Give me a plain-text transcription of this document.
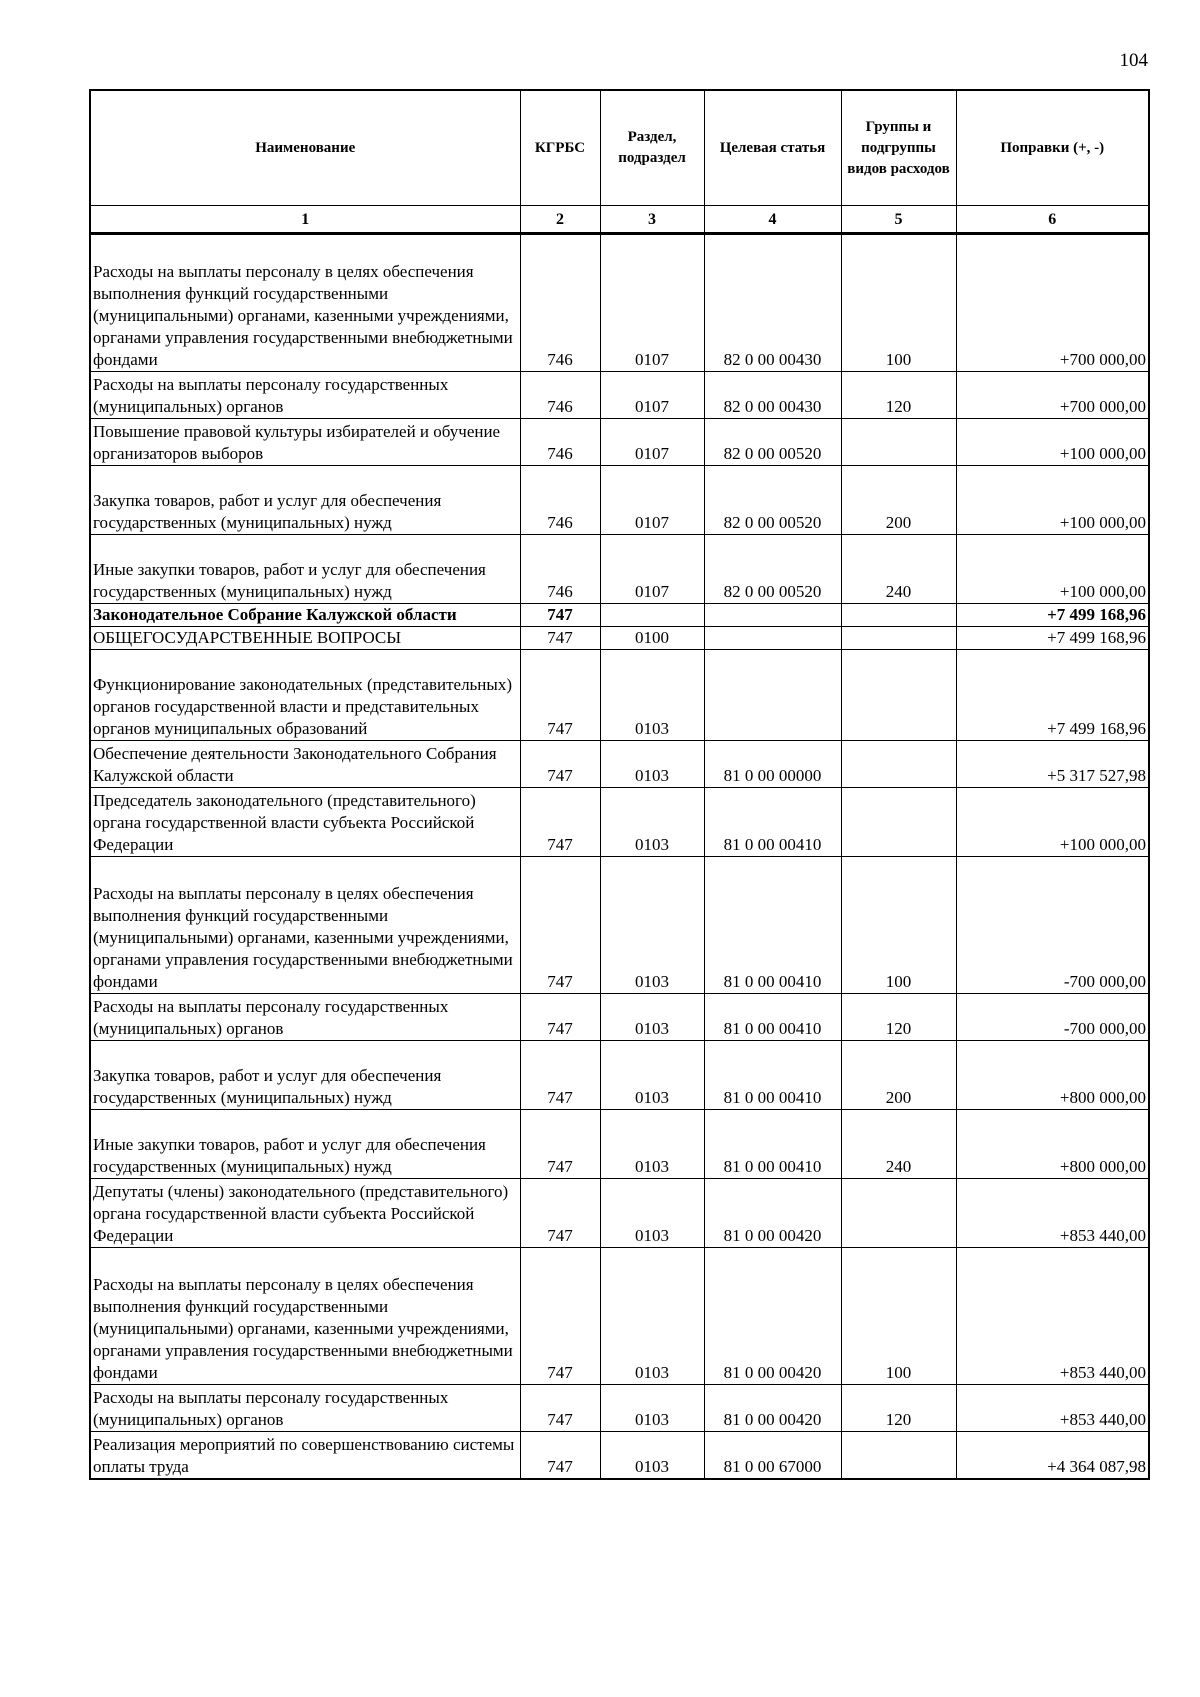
104
Наименование	КГРБС	Раздел, подраздел	Целевая статья	Группы и подгруппы видов расходов	Поправки (+, -)
1	2	3	4	5	6
Расходы на выплаты персоналу в целях обеспечения выполнения функций государственными (муниципальными) органами, казенными учреждениями, органами управления государственными внебюджетными фондами	746	0107	82 0 00 00430	100	+700 000,00
Расходы на выплаты персоналу государственных (муниципальных) органов	746	0107	82 0 00 00430	120	+700 000,00
Повышение правовой культуры избирателей и обучение организаторов выборов	746	0107	82 0 00 00520		+100 000,00
Закупка товаров, работ и услуг для обеспечения государственных (муниципальных) нужд	746	0107	82 0 00 00520	200	+100 000,00
Иные закупки товаров, работ и услуг для обеспечения государственных (муниципальных) нужд	746	0107	82 0 00 00520	240	+100 000,00
Законодательное Собрание Калужской области	747				+7 499 168,96
ОБЩЕГОСУДАРСТВЕННЫЕ ВОПРОСЫ	747	0100			+7 499 168,96
Функционирование законодательных (представительных) органов государственной власти и представительных органов муниципальных образований	747	0103			+7 499 168,96
Обеспечение деятельности Законодательного Собрания Калужской области	747	0103	81 0 00 00000		+5 317 527,98
Председатель законодательного (представительного) органа государственной власти субъекта Российской Федерации	747	0103	81 0 00 00410		+100 000,00
Расходы на выплаты персоналу в целях обеспечения выполнения функций государственными (муниципальными) органами, казенными учреждениями, органами управления государственными внебюджетными фондами	747	0103	81 0 00 00410	100	-700 000,00
Расходы на выплаты персоналу государственных (муниципальных) органов	747	0103	81 0 00 00410	120	-700 000,00
Закупка товаров, работ и услуг для обеспечения государственных (муниципальных) нужд	747	0103	81 0 00 00410	200	+800 000,00
Иные закупки товаров, работ и услуг для обеспечения государственных (муниципальных) нужд	747	0103	81 0 00 00410	240	+800 000,00
Депутаты (члены) законодательного (представительного) органа государственной власти субъекта Российской Федерации	747	0103	81 0 00 00420		+853 440,00
Расходы на выплаты персоналу в целях обеспечения выполнения функций государственными (муниципальными) органами, казенными учреждениями, органами управления государственными внебюджетными фондами	747	0103	81 0 00 00420	100	+853 440,00
Расходы на выплаты персоналу государственных (муниципальных) органов	747	0103	81 0 00 00420	120	+853 440,00
Реализация мероприятий по совершенствованию системы оплаты труда	747	0103	81 0 00 67000		+4 364 087,98
